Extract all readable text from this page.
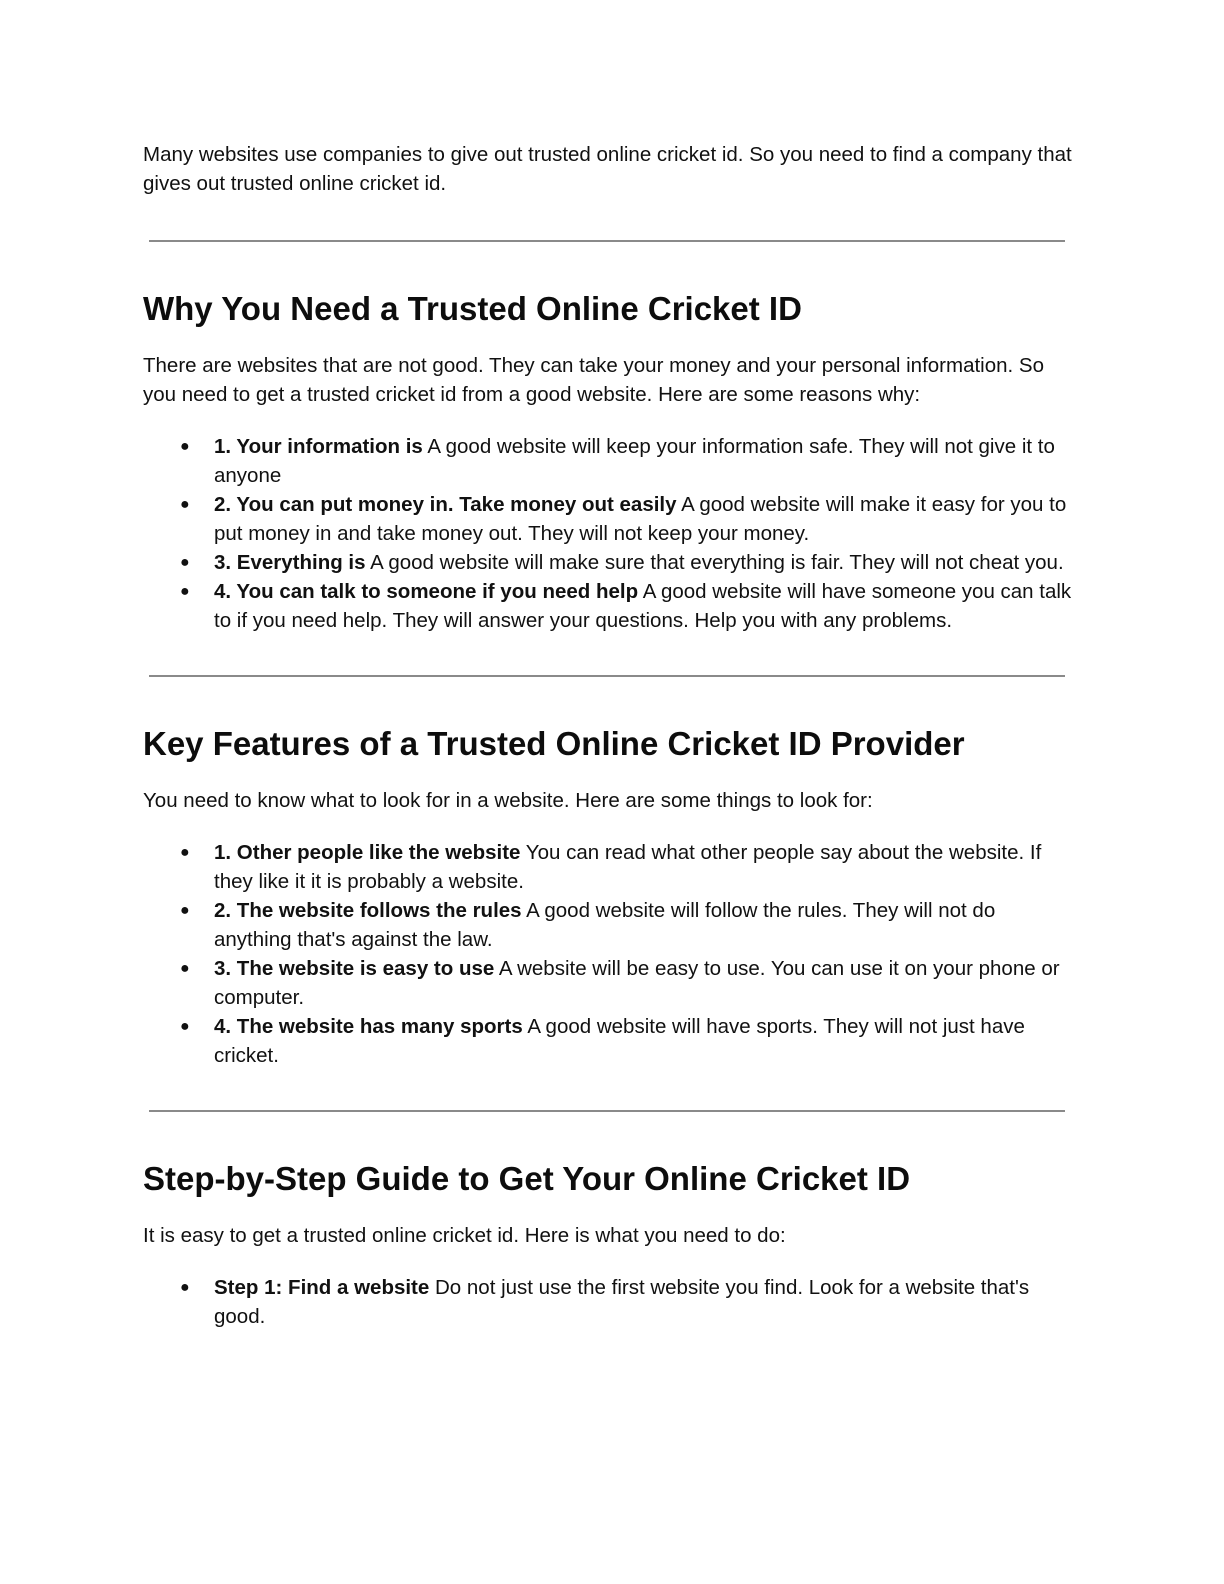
Many websites use companies to give out trusted online cricket id. So you need to find a company that gives out trusted online cricket id.

Why You Need a Trusted Online Cricket ID

There are websites that are not good. They can take your money and your personal information. So you need to get a trusted cricket id from a good website. Here are some reasons why:

● 1. Your information is A good website will keep your information safe. They will not give it to anyone
● 2. You can put money in. Take money out easily A good website will make it easy for you to put money in and take money out. They will not keep your money.
● 3. Everything is A good website will make sure that everything is fair. They will not cheat you.
● 4. You can talk to someone if you need help A good website will have someone you can talk to if you need help. They will answer your questions. Help you with any problems.
Key Features of a Trusted Online Cricket ID Provider

You need to know what to look for in a website. Here are some things to look for:

● 1. Other people like the website You can read what other people say about the website. If they like it it is probably a website.
● 2. The website follows the rules A good website will follow the rules. They will not do anything that's against the law.
● 3. The website is easy to use A website will be easy to use. You can use it on your phone or computer.
● 4. The website has many sports A good website will have sports. They will not just have cricket.
Step-by-Step Guide to Get Your Online Cricket ID

It is easy to get a trusted online cricket id. Here is what you need to do:

● Step 1: Find a website Do not just use the first website you find. Look for a website that's good.
